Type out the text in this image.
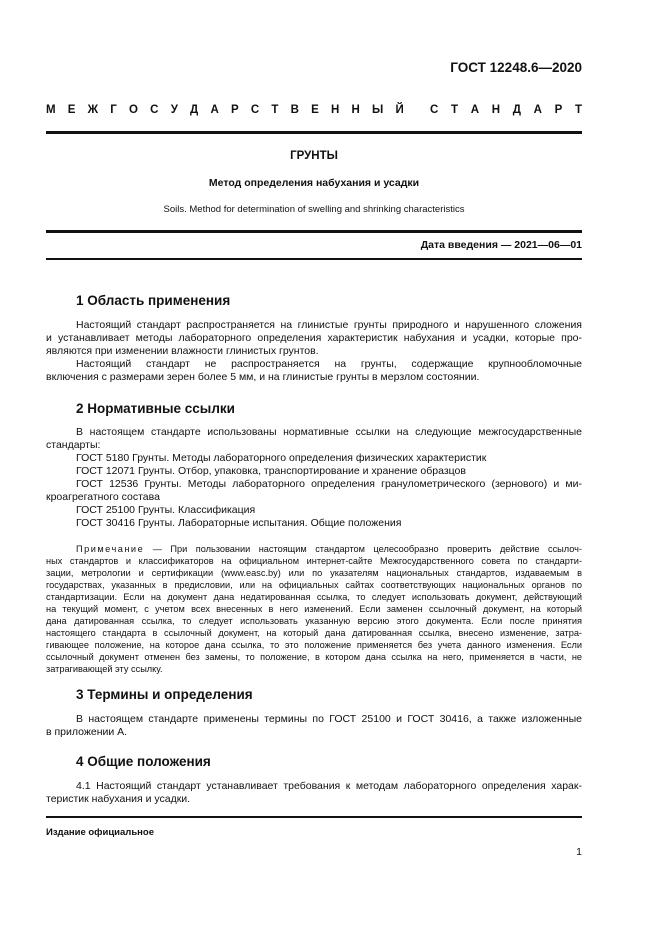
ГОСТ 12248.6—2020
М Е Ж Г О С У Д А Р С Т В Е Н Н Ы Й С Т А Н Д А Р Т
ГРУНТЫ
Метод определения набухания и усадки
Soils. Method for determination of swelling and shrinking characteristics
Дата введения — 2021—06—01
1 Область применения
Настоящий стандарт распространяется на глинистые грунты природного и нарушенного сложения
и устанавливает методы лабораторного определения характеристик набухания и усадки, которые про-
являются при изменении влажности глинистых грунтов.
Настоящий стандарт не распространяется на грунты, содержащие крупнообломочные
включения с размерами зерен более 5 мм, и на глинистые грунты в мерзлом состоянии.
2 Нормативные ссылки
В настоящем стандарте использованы нормативные ссылки на следующие межгосударственные
стандарты:
ГОСТ 5180 Грунты. Методы лабораторного определения физических характеристик
ГОСТ 12071 Грунты. Отбор, упаковка, транспортирование и хранение образцов
ГОСТ 12536 Грунты. Методы лабораторного определения гранулометрического (зернового) и ми-
кроагрегатного состава
ГОСТ 25100 Грунты. Классификация
ГОСТ 30416 Грунты. Лабораторные испытания. Общие положения
Примечание — При пользовании настоящим стандартом целесообразно проверить действие ссылоч-
ных стандартов и классификаторов на официальном интернет-сайте Межгосударственного совета по стандарти-
зации, метрологии и сертификации (www.easc.by) или по указателям национальных стандартов, издаваемым в
государствах, указанных в предисловии, или на официальных сайтах соответствующих национальных органов по
стандартизации. Если на документ дана недатированная ссылка, то следует использовать документ, действующий
на текущий момент, с учетом всех внесенных в него изменений. Если заменен ссылочный документ, на который
дана датированная ссылка, то следует использовать указанную версию этого документа. Если после принятия
настоящего стандарта в ссылочный документ, на который дана датированная ссылка, внесено изменение, затра-
гивающее положение, на которое дана ссылка, то это положение применяется без учета данного изменения. Если
ссылочный документ отменен без замены, то положение, в котором дана ссылка на него, применяется в части, не
затрагивающей эту ссылку.
3 Термины и определения
В настоящем стандарте применены термины по ГОСТ 25100 и ГОСТ 30416, а также изложенные
в приложении А.
4 Общие положения
4.1 Настоящий стандарт устанавливает требования к методам лабораторного определения харак-
теристик набухания и усадки.
Издание официальное
1
